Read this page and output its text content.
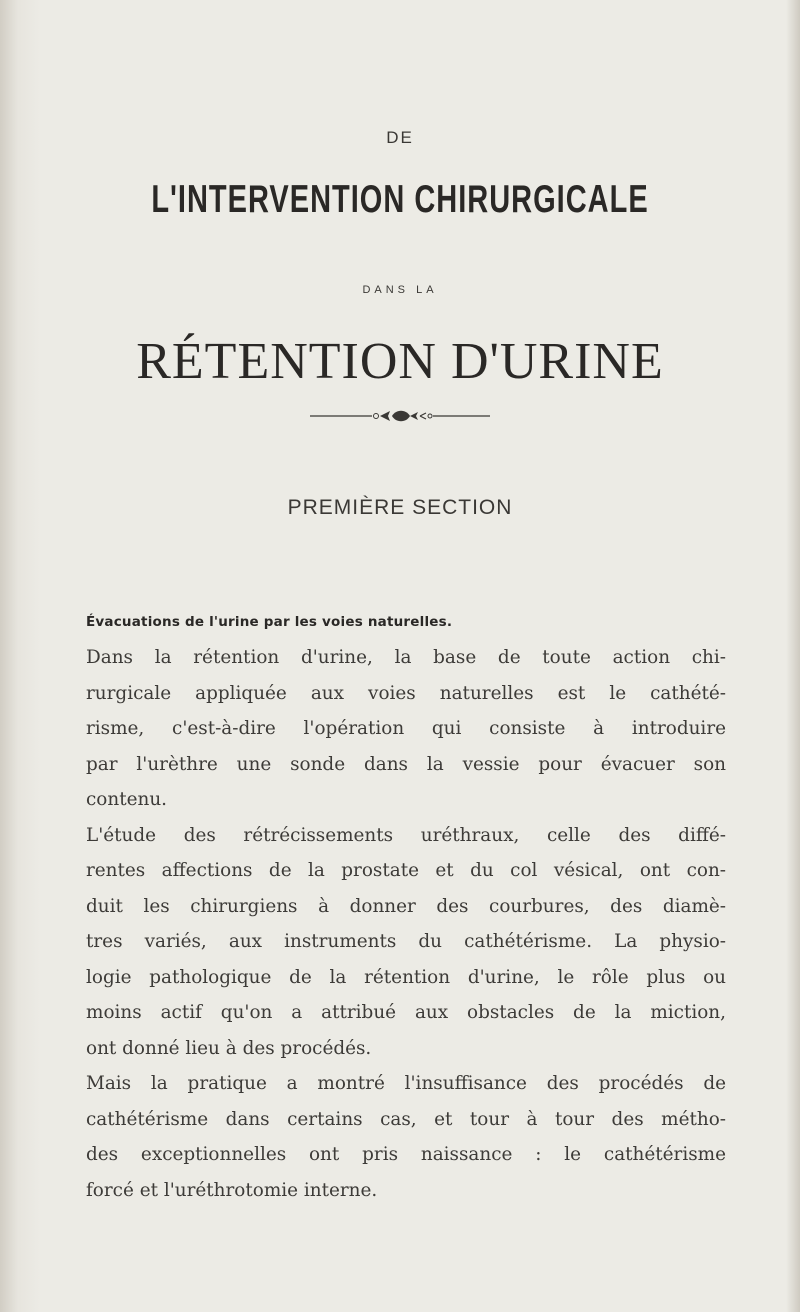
DE
L'INTERVENTION CHIRURGICALE
DANS LA
RÉTENTION D'URINE
PREMIÈRE SECTION
Évacuations de l'urine par les voies naturelles.
Dans la rétention d'urine, la base de toute action chi-
rurgicale appliquée aux voies naturelles est le cathété-
risme, c'est-à-dire l'opération qui consiste à introduire
par l'urèthre une sonde dans la vessie pour évacuer son
contenu.
L'étude des rétrécissements uréthraux, celle des diffé-
rentes affections de la prostate et du col vésical, ont con-
duit les chirurgiens à donner des courbures, des diamè-
tres variés, aux instruments du cathétérisme. La physio-
logie pathologique de la rétention d'urine, le rôle plus ou
moins actif qu'on a attribué aux obstacles de la miction,
ont donné lieu à des procédés.
Mais la pratique a montré l'insuffisance des procédés de
cathétérisme dans certains cas, et tour à tour des métho-
des exceptionnelles ont pris naissance : le cathétérisme
forcé et l'uréthrotomie interne.
